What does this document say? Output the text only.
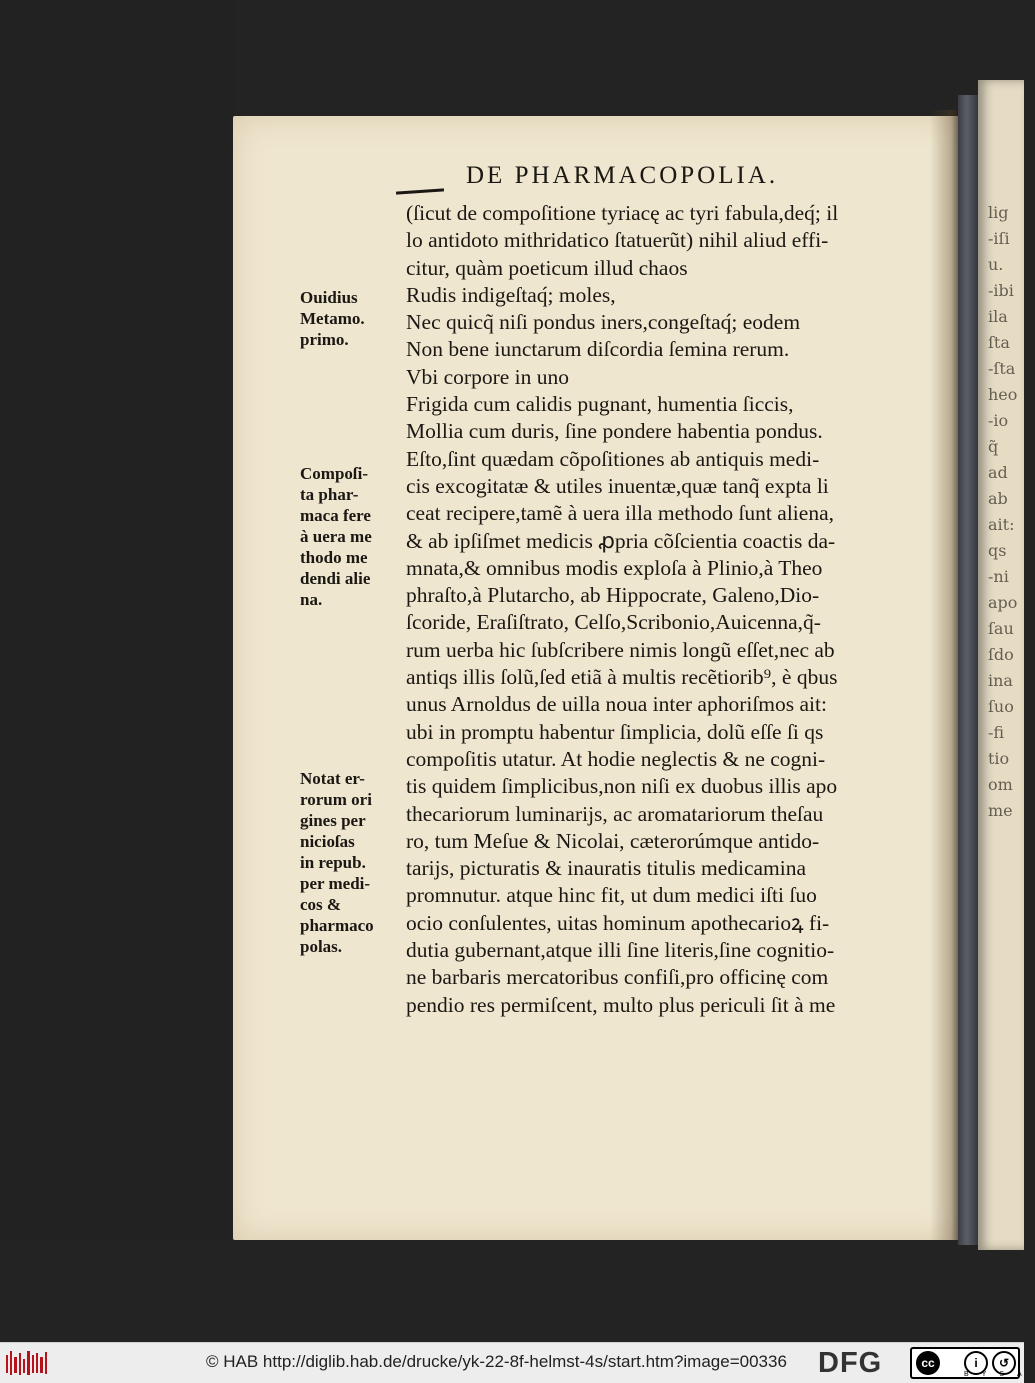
lig
-iſi
u.
-ibi
ila
ſta
-ſta
heo
-io
q̃
ad
ab
ait:
qs
-ni
apo
ſau
ſdo
ina
ſuo
-fi
tio
om
me
DE PHARMACOPOLIA.
(ſicut de compoſitione tyriacę ac tyri fabula,deq́; il
lo antidoto mithridatico ſtatuerũt) nihil aliud effi-
citur, quàm poeticum illud chaos
Rudis indigeſtaq́; moles,
Nec quicq̃ niſi pondus iners,congeſtaq́; eodem
Non bene iunctarum diſcordia ſemina rerum.
Vbi corpore in uno
Frigida cum calidis pugnant, humentia ſiccis,
Mollia cum duris, ſine pondere habentia pondus.
Eſto,ſint quædam cõpoſitiones ab antiquis medi-
cis excogitatæ & utiles inuentæ,quæ tanq̃ expta li
ceat recipere,tamẽ à uera illa methodo ſunt aliena,
& ab ipſiſmet medicis ꝓpria cõſcientia coactis da-
mnata,& omnibus modis exploſa à Plinio,à Theo
phraſto,à Plutarcho, ab Hippocrate, Galeno,Dio-
ſcoride, Eraſiſtrato, Celſo,Scribonio,Auicenna,q̃-
rum uerba hic ſubſcribere nimis longũ eſſet,nec ab
antiqs illis ſolũ,ſed etiã à multis recẽtiorib⁹, è qbus
unus Arnoldus de uilla noua inter aphoriſmos ait:
ubi in promptu habentur ſimplicia, dolũ eſſe ſi qs
compoſitis utatur. At hodie neglectis & ne cogni-
tis quidem ſimplicibus,non niſi ex duobus illis apo
thecariorum luminarijs, ac aromatariorum theſau
ro, tum Meſue & Nicolai, cæterorúmque antido-
tarijs, picturatis & inauratis titulis medicamina
promnutur. atque hinc fit, ut dum medici iſti ſuo
ocio conſulentes, uitas hominum apothecarioꝝ fi-
dutia gubernant,atque illi ſine literis,ſine cognitio-
ne barbaris mercatoribus confiſi,pro officinę com
pendio res permiſcent, multo plus periculi ſit à me
Ouidius
Metamo.
primo.
Compoſi-
ta phar-
maca fere
à uera me
thodo me
dendi alie
na.
Notat er-
rorum ori
gines per
nicioſas
in repub.
per medi-
cos &
pharmaco
polas.
© HAB http://diglib.hab.de/drucke/yk-22-8f-helmst-4s/start.htm?image=00336 DFG	cc	i	↺
BYSA
